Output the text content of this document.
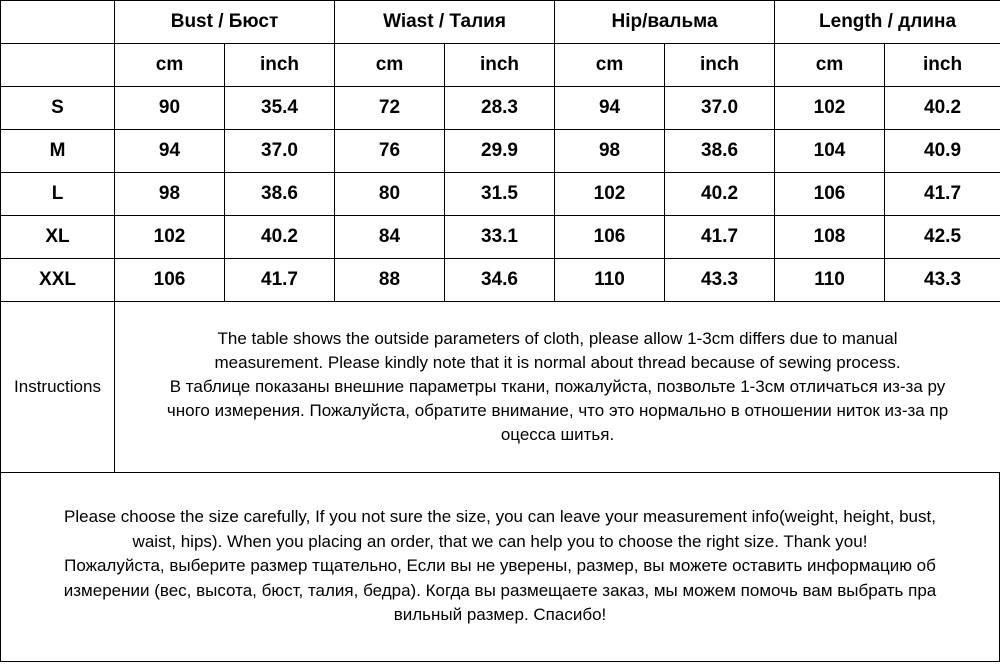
	Bust / Бюст		Wiast / Талия		Hip/вальма		Length / длина	
	cm	inch	cm	inch	cm	inch	cm	inch
S	90	35.4	72	28.3	94	37.0	102	40.2
M	94	37.0	76	29.9	98	38.6	104	40.9
L	98	38.6	80	31.5	102	40.2	106	41.7
XL	102	40.2	84	33.1	106	41.7	108	42.5
XXL	106	41.7	88	34.6	110	43.3	110	43.3
Instructions	The table shows the outside parameters of cloth, please allow 1-3cm differs due to manual
measurement. Please kindly note that it is normal about thread because of sewing process.
В таблице показаны внешние параметры ткани, пожалуйста, позвольте 1-3см отличаться из-за ру
чного измерения. Пожалуйста, обратите внимание, что это нормально в отношении ниток из-за пр
оцесса шитья.							
Please choose the size carefully, If you not sure the size, you can leave your measurement info(weight, height, bust,
waist, hips). When you placing an order, that we can help you to choose the right size. Thank you!
Пожалуйста, выберите размер тщательно, Если вы не уверены, размер, вы можете оставить информацию об
измерении (вес, высота, бюст, талия, бедра). Когда вы размещаете заказ, мы можем помочь вам выбрать пра
вильный размер. Спасибо!
